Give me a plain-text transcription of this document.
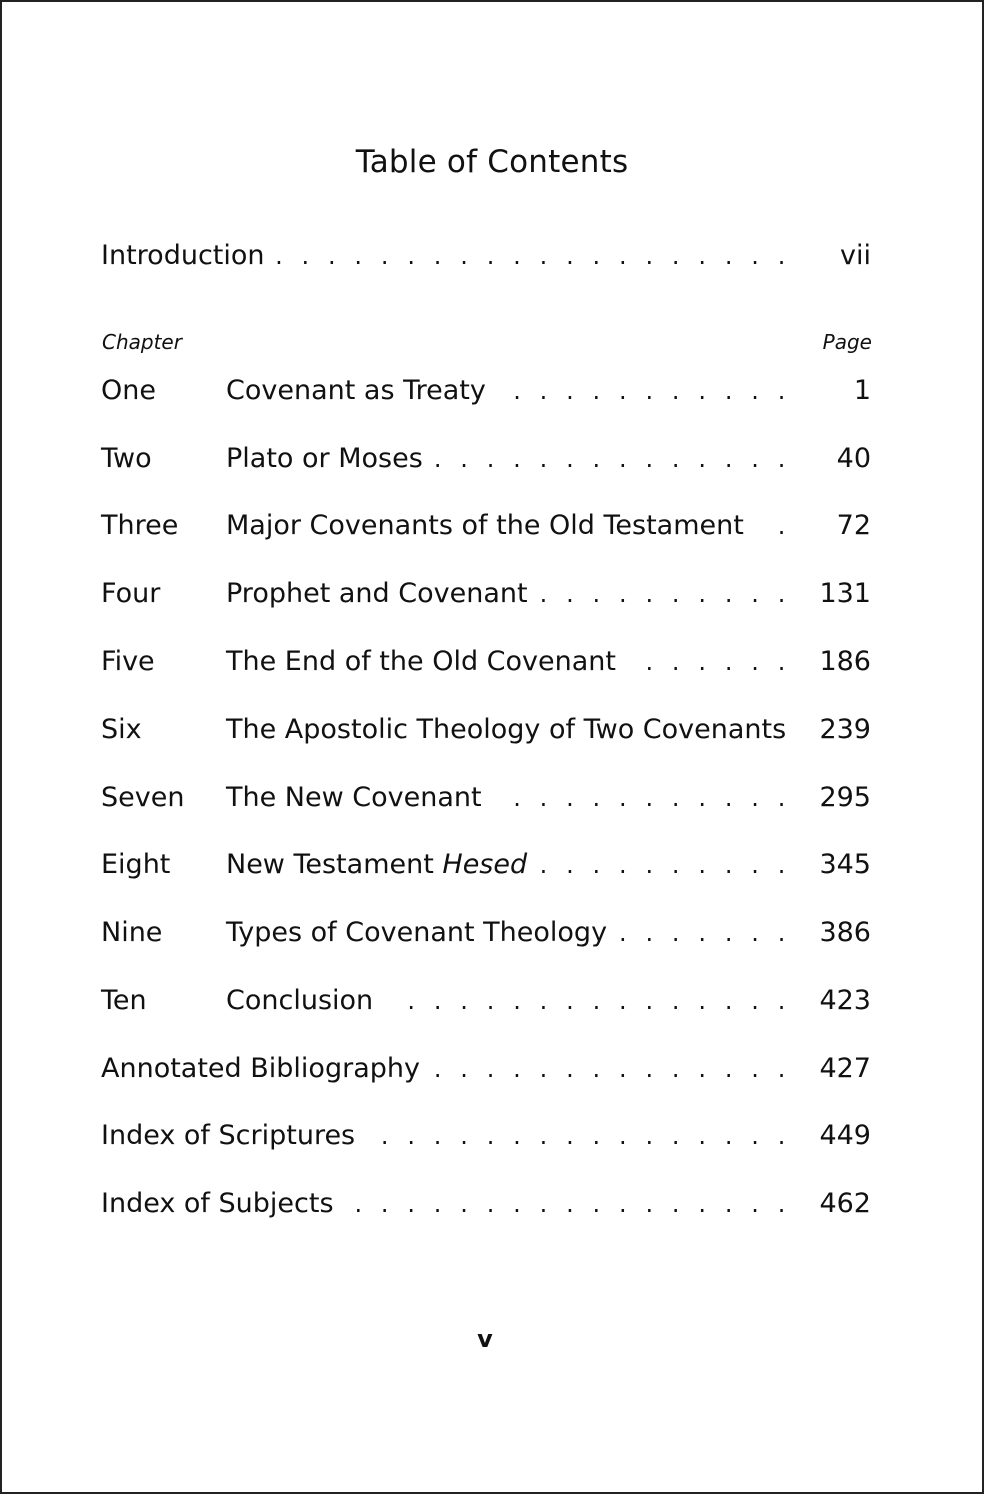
Table of Contents
Introduction . . . . . . . . . . . . . . . . . . . . vii
Chapter	Page
One	Covenant as Treaty . . . . . . . . . . . 1
Two	Plato or Moses . . . . . . . . . . . . . . 40
Three Major Covenants of the Old Testament . 72
Four Prophet and Covenant . . . . . . . . . . 131
Five	The End of the Old Covenant . . . . . . 186
Six	The Apostolic Theology of Two Covenants 239
Seven The New Covenant . . . . . . . . . . . 295
Eight New Testament Hesed . . . . . . . . . . 345
Nine Types of Covenant Theology . . . . . . . 386
Ten	Conclusion . . . . . . . . . . . . . . . 423
Annotated Bibliography . . . . . . . . . . . . . . 427
Index of Scriptures . . . . . . . . . . . . . . . . 449
Index of Subjects . . . . . . . . . . . . . . . . . 462
v
